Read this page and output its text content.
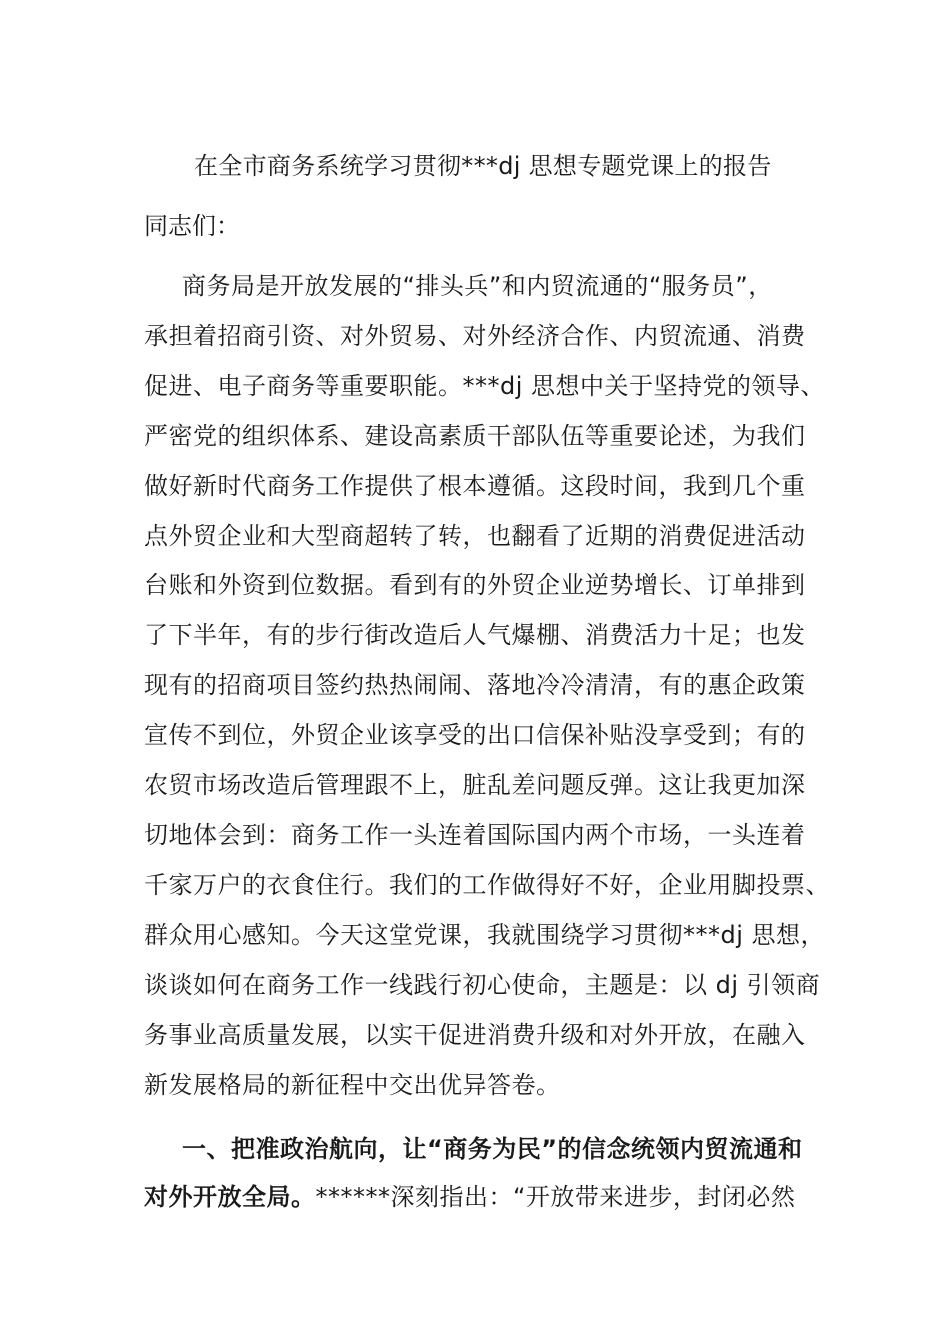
在全市商务系统学习贯彻***dj 思想专题党课上的报告
同志们：
商务局是开放发展的“排头兵”和内贸流通的“服务员”，
承担着招商引资、对外贸易、对外经济合作、内贸流通、消费
促进、电子商务等重要职能。***dj 思想中关于坚持党的领导、
严密党的组织体系、建设高素质干部队伍等重要论述，为我们
做好新时代商务工作提供了根本遵循。这段时间，我到几个重
点外贸企业和大型商超转了转，也翻看了近期的消费促进活动
台账和外资到位数据。看到有的外贸企业逆势增长、订单排到
了下半年，有的步行街改造后人气爆棚、消费活力十足；也发
现有的招商项目签约热热闹闹、落地冷冷清清，有的惠企政策
宣传不到位，外贸企业该享受的出口信保补贴没享受到；有的
农贸市场改造后管理跟不上，脏乱差问题反弹。这让我更加深
切地体会到：商务工作一头连着国际国内两个市场，一头连着
千家万户的衣食住行。我们的工作做得好不好，企业用脚投票、
群众用心感知。今天这堂党课，我就围绕学习贯彻***dj 思想，
谈谈如何在商务工作一线践行初心使命，主题是：以 dj 引领商
务事业高质量发展，以实干促进消费升级和对外开放，在融入
新发展格局的新征程中交出优异答卷。
一、把准政治航向，让“商务为民”的信念统领内贸流通和
对外开放全局。******深刻指出：“开放带来进步，封闭必然
